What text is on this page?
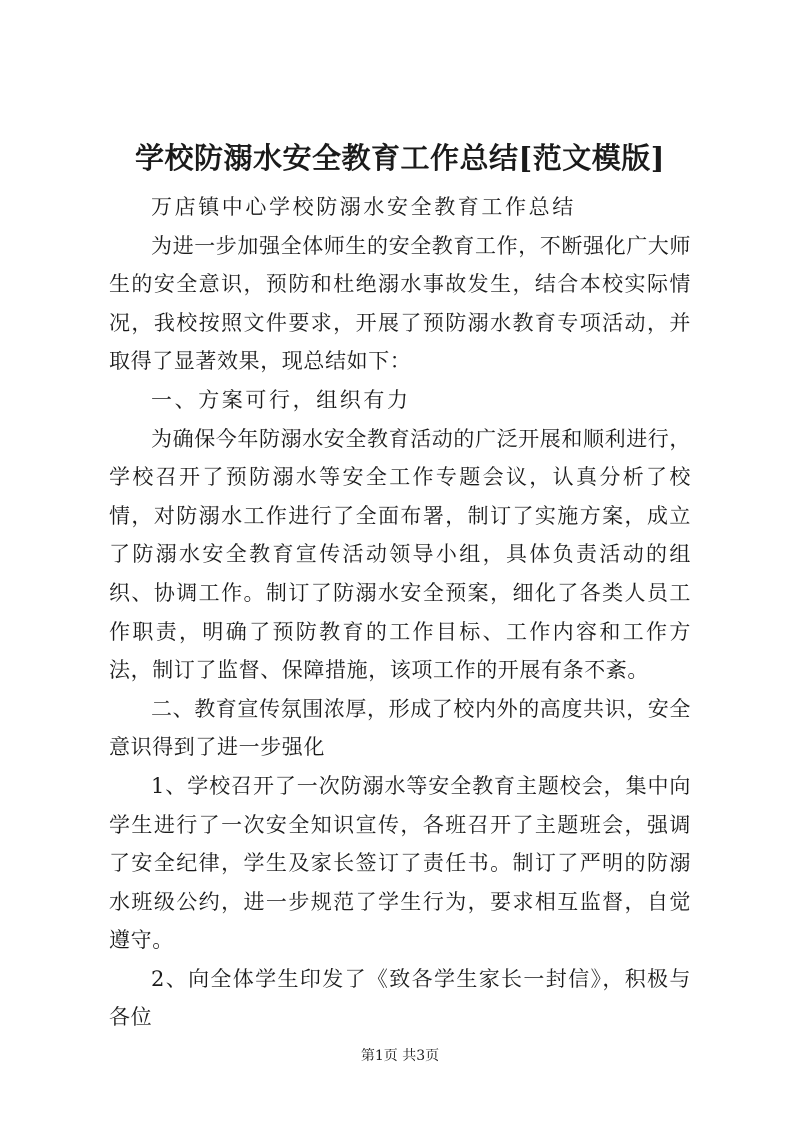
学校防溺水安全教育工作总结[范文模版]

万店镇中心学校防溺水安全教育工作总结

为进一步加强全体师生的安全教育工作，不断强化广大师生的安全意识，预防和杜绝溺水事故发生，结合本校实际情况，我校按照文件要求，开展了预防溺水教育专项活动，并取得了显著效果，现总结如下：

一、方案可行，组织有力

为确保今年防溺水安全教育活动的广泛开展和顺利进行，学校召开了预防溺水等安全工作专题会议，认真分析了校情，对防溺水工作进行了全面布署，制订了实施方案，成立了防溺水安全教育宣传活动领导小组，具体负责活动的组织、协调工作。制订了防溺水安全预案，细化了各类人员工作职责，明确了预防教育的工作目标、工作内容和工作方法，制订了监督、保障措施，该项工作的开展有条不紊。

二、教育宣传氛围浓厚，形成了校内外的高度共识，安全意识得到了进一步强化

1、学校召开了一次防溺水等安全教育主题校会，集中向学生进行了一次安全知识宣传，各班召开了主题班会，强调了安全纪律，学生及家长签订了责任书。制订了严明的防溺水班级公约，进一步规范了学生行为，要求相互监督，自觉遵守。

2、向全体学生印发了《致各学生家长一封信》，积极与各位

第1页 共3页
